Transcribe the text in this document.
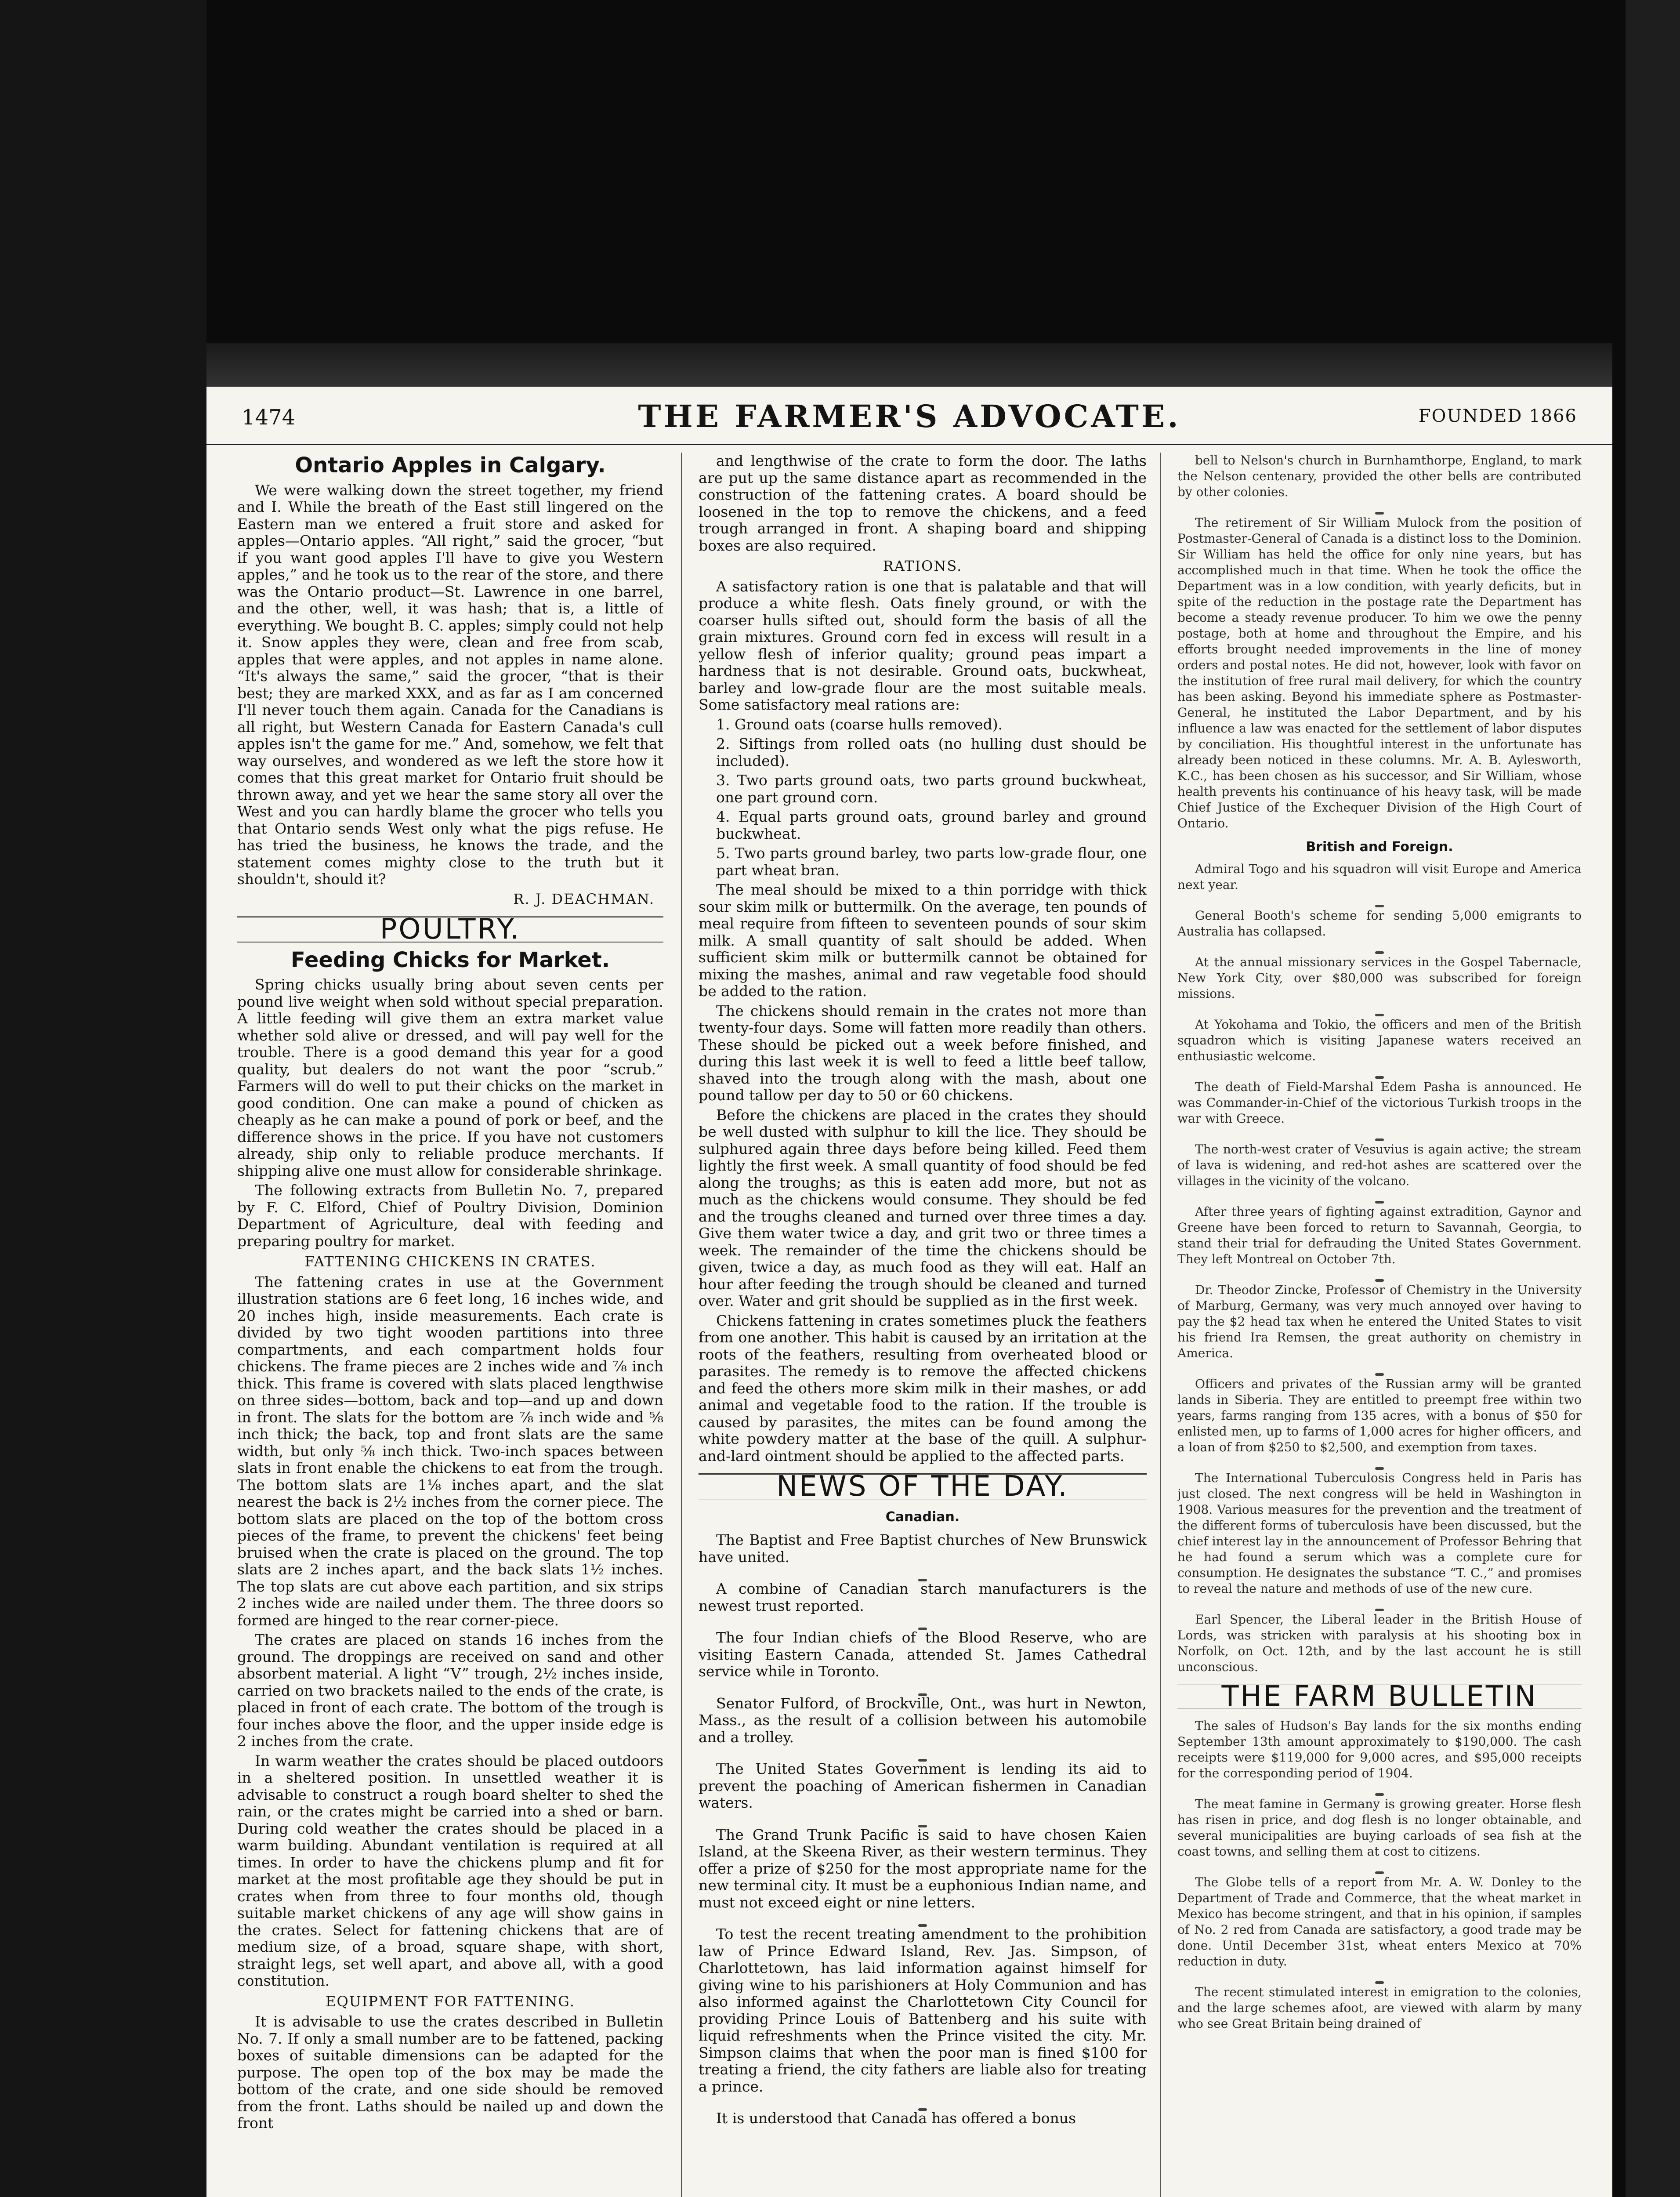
1474	THE FARMER'S ADVOCATE.	FOUNDED 1866
Ontario Apples in Calgary.

We were walking down the street together, my friend and I. While the breath of the East still lingered on the Eastern man we entered a fruit store and asked for apples—Ontario apples. “All right,” said the grocer, “but if you want good apples I'll have to give you Western apples,” and he took us to the rear of the store, and there was the Ontario product—St. Lawrence in one barrel, and the other, well, it was hash; that is, a little of everything. We bought B. C. apples; simply could not help it. Snow apples they were, clean and free from scab, apples that were apples, and not apples in name alone. “It's always the same,” said the grocer, “that is their best; they are marked XXX, and as far as I am concerned I'll never touch them again. Canada for the Canadians is all right, but Western Canada for Eastern Canada's cull apples isn't the game for me.” And, somehow, we felt that way ourselves, and wondered as we left the store how it comes that this great market for Ontario fruit should be thrown away, and yet we hear the same story all over the West and you can hardly blame the grocer who tells you that Ontario sends West only what the pigs refuse. He has tried the business, he knows the trade, and the statement comes mighty close to the truth but it shouldn't, should it?

R. J. DEACHMAN.
POULTRY.
Feeding Chicks for Market.

Spring chicks usually bring about seven cents per pound live weight when sold without special preparation. A little feeding will give them an extra market value whether sold alive or dressed, and will pay well for the trouble. There is a good demand this year for a good quality, but dealers do not want the poor “scrub.” Farmers will do well to put their chicks on the market in good condition. One can make a pound of chicken as cheaply as he can make a pound of pork or beef, and the difference shows in the price. If you have not customers already, ship only to reliable produce merchants. If shipping alive one must allow for considerable shrinkage.

The following extracts from Bulletin No. 7, prepared by F. C. Elford, Chief of Poultry Division, Dominion Department of Agriculture, deal with feeding and preparing poultry for market.

FATTENING CHICKENS IN CRATES.

The fattening crates in use at the Government illustration stations are 6 feet long, 16 inches wide, and 20 inches high, inside measurements. Each crate is divided by two tight wooden partitions into three compartments, and each compartment holds four chickens. The frame pieces are 2 inches wide and ⅞ inch thick. This frame is covered with slats placed lengthwise on three sides—bottom, back and top—and up and down in front. The slats for the bottom are ⅞ inch wide and ⅝ inch thick; the back, top and front slats are the same width, but only ⅝ inch thick. Two-inch spaces between slats in front enable the chickens to eat from the trough. The bottom slats are 1⅛ inches apart, and the slat nearest the back is 2½ inches from the corner piece. The bottom slats are placed on the top of the bottom cross pieces of the frame, to prevent the chickens' feet being bruised when the crate is placed on the ground. The top slats are 2 inches apart, and the back slats 1½ inches. The top slats are cut above each partition, and six strips 2 inches wide are nailed under them. The three doors so formed are hinged to the rear corner-piece.

The crates are placed on stands 16 inches from the ground. The droppings are received on sand and other absorbent material. A light “V” trough, 2½ inches inside, carried on two brackets nailed to the ends of the crate, is placed in front of each crate. The bottom of the trough is four inches above the floor, and the upper inside edge is 2 inches from the crate.

In warm weather the crates should be placed outdoors in a sheltered position. In unsettled weather it is advisable to construct a rough board shelter to shed the rain, or the crates might be carried into a shed or barn. During cold weather the crates should be placed in a warm building. Abundant ventilation is required at all times. In order to have the chickens plump and fit for market at the most profitable age they should be put in crates when from three to four months old, though suitable market chickens of any age will show gains in the crates. Select for fattening chickens that are of medium size, of a broad, square shape, with short, straight legs, set well apart, and above all, with a good constitution.

EQUIPMENT FOR FATTENING.

It is advisable to use the crates described in Bulletin No. 7. If only a small number are to be fattened, packing boxes of suitable dimensions can be adapted for the purpose. The open top of the box may be made the bottom of the crate, and one side should be removed from the front. Laths should be nailed up and down the front

and lengthwise of the crate to form the door. The laths are put up the same distance apart as recommended in the construction of the fattening crates. A board should be loosened in the top to remove the chickens, and a feed trough arranged in front. A shaping board and shipping boxes are also required.

RATIONS.

A satisfactory ration is one that is palatable and that will produce a white flesh. Oats finely ground, or with the coarser hulls sifted out, should form the basis of all the grain mixtures. Ground corn fed in excess will result in a yellow flesh of inferior quality; ground peas impart a hardness that is not desirable. Ground oats, buckwheat, barley and low-grade flour are the most suitable meals. Some satisfactory meal rations are:

1. Ground oats (coarse hulls removed).

2. Siftings from rolled oats (no hulling dust should be included).

3. Two parts ground oats, two parts ground buckwheat, one part ground corn.

4. Equal parts ground oats, ground barley and ground buckwheat.

5. Two parts ground barley, two parts low-grade flour, one part wheat bran.

The meal should be mixed to a thin porridge with thick sour skim milk or buttermilk. On the average, ten pounds of meal require from fifteen to seventeen pounds of sour skim milk. A small quantity of salt should be added. When sufficient skim milk or buttermilk cannot be obtained for mixing the mashes, animal and raw vegetable food should be added to the ration.

The chickens should remain in the crates not more than twenty-four days. Some will fatten more readily than others. These should be picked out a week before finished, and during this last week it is well to feed a little beef tallow, shaved into the trough along with the mash, about one pound tallow per day to 50 or 60 chickens.

Before the chickens are placed in the crates they should be well dusted with sulphur to kill the lice. They should be sulphured again three days before being killed. Feed them lightly the first week. A small quantity of food should be fed along the troughs; as this is eaten add more, but not as much as the chickens would consume. They should be fed and the troughs cleaned and turned over three times a day. Give them water twice a day, and grit two or three times a week. The remainder of the time the chickens should be given, twice a day, as much food as they will eat. Half an hour after feeding the trough should be cleaned and turned over. Water and grit should be supplied as in the first week.

Chickens fattening in crates sometimes pluck the feathers from one another. This habit is caused by an irritation at the roots of the feathers, resulting from overheated blood or parasites. The remedy is to remove the affected chickens and feed the others more skim milk in their mashes, or add animal and vegetable food to the ration. If the trouble is caused by parasites, the mites can be found among the white powdery matter at the base of the quill. A sulphur-and-lard ointment should be applied to the affected parts.

NEWS OF THE DAY.
Canadian.

The Baptist and Free Baptist churches of New Brunswick have united.

A combine of Canadian starch manufacturers is the newest trust reported.

The four Indian chiefs of the Blood Reserve, who are visiting Eastern Canada, attended St. James Cathedral service while in Toronto.

Senator Fulford, of Brockville, Ont., was hurt in Newton, Mass., as the result of a collision between his automobile and a trolley.

The United States Government is lending its aid to prevent the poaching of American fishermen in Canadian waters.

The Grand Trunk Pacific is said to have chosen Kaien Island, at the Skeena River, as their western terminus. They offer a prize of $250 for the most appropriate name for the new terminal city. It must be a euphonious Indian name, and must not exceed eight or nine letters.

To test the recent treating amendment to the prohibition law of Prince Edward Island, Rev. Jas. Simpson, of Charlottetown, has laid information against himself for giving wine to his parishioners at Holy Communion and has also informed against the Charlottetown City Council for providing Prince Louis of Battenberg and his suite with liquid refreshments when the Prince visited the city. Mr. Simpson claims that when the poor man is fined $100 for treating a friend, the city fathers are liable also for treating a prince.

It is understood that Canada has offered a bonus

bell to Nelson's church in Burnhamthorpe, England, to mark the Nelson centenary, provided the other bells are contributed by other colonies.

The retirement of Sir William Mulock from the position of Postmaster-General of Canada is a distinct loss to the Dominion. Sir William has held the office for only nine years, but has accomplished much in that time. When he took the office the Department was in a low condition, with yearly deficits, but in spite of the reduction in the postage rate the Department has become a steady revenue producer. To him we owe the penny postage, both at home and throughout the Empire, and his efforts brought needed improvements in the line of money orders and postal notes. He did not, however, look with favor on the institution of free rural mail delivery, for which the country has been asking. Beyond his immediate sphere as Postmaster-General, he instituted the Labor Department, and by his influence a law was enacted for the settlement of labor disputes by conciliation. His thoughtful interest in the unfortunate has already been noticed in these columns. Mr. A. B. Aylesworth, K.C., has been chosen as his successor, and Sir William, whose health prevents his continuance of his heavy task, will be made Chief Justice of the Exchequer Division of the High Court of Ontario.

British and Foreign.

Admiral Togo and his squadron will visit Europe and America next year.

General Booth's scheme for sending 5,000 emigrants to Australia has collapsed.

At the annual missionary services in the Gospel Tabernacle, New York City, over $80,000 was subscribed for foreign missions.

At Yokohama and Tokio, the officers and men of the British squadron which is visiting Japanese waters received an enthusiastic welcome.

The death of Field-Marshal Edem Pasha is announced. He was Commander-in-Chief of the victorious Turkish troops in the war with Greece.

The north-west crater of Vesuvius is again active; the stream of lava is widening, and red-hot ashes are scattered over the villages in the vicinity of the volcano.

After three years of fighting against extradition, Gaynor and Greene have been forced to return to Savannah, Georgia, to stand their trial for defrauding the United States Government. They left Montreal on October 7th.

Dr. Theodor Zincke, Professor of Chemistry in the University of Marburg, Germany, was very much annoyed over having to pay the $2 head tax when he entered the United States to visit his friend Ira Remsen, the great authority on chemistry in America.

Officers and privates of the Russian army will be granted lands in Siberia. They are entitled to preempt free within two years, farms ranging from 135 acres, with a bonus of $50 for enlisted men, up to farms of 1,000 acres for higher officers, and a loan of from $250 to $2,500, and exemption from taxes.

The International Tuberculosis Congress held in Paris has just closed. The next congress will be held in Washington in 1908. Various measures for the prevention and the treatment of the different forms of tuberculosis have been discussed, but the chief interest lay in the announcement of Professor Behring that he had found a serum which was a complete cure for consumption. He designates the substance “T. C.,” and promises to reveal the nature and methods of use of the new cure.

Earl Spencer, the Liberal leader in the British House of Lords, was stricken with paralysis at his shooting box in Norfolk, on Oct. 12th, and by the last account he is still unconscious.

THE FARM BULLETIN

The sales of Hudson's Bay lands for the six months ending September 13th amount approximately to $190,000. The cash receipts were $119,000 for 9,000 acres, and $95,000 receipts for the corresponding period of 1904.

The meat famine in Germany is growing greater. Horse flesh has risen in price, and dog flesh is no longer obtainable, and several municipalities are buying carloads of sea fish at the coast towns, and selling them at cost to citizens.

The Globe tells of a report from Mr. A. W. Donley to the Department of Trade and Commerce, that the wheat market in Mexico has become stringent, and that in his opinion, if samples of No. 2 red from Canada are satisfactory, a good trade may be done. Until December 31st, wheat enters Mexico at 70% reduction in duty.

The recent stimulated interest in emigration to the colonies, and the large schemes afoot, are viewed with alarm by many who see Great Britain being drained of
